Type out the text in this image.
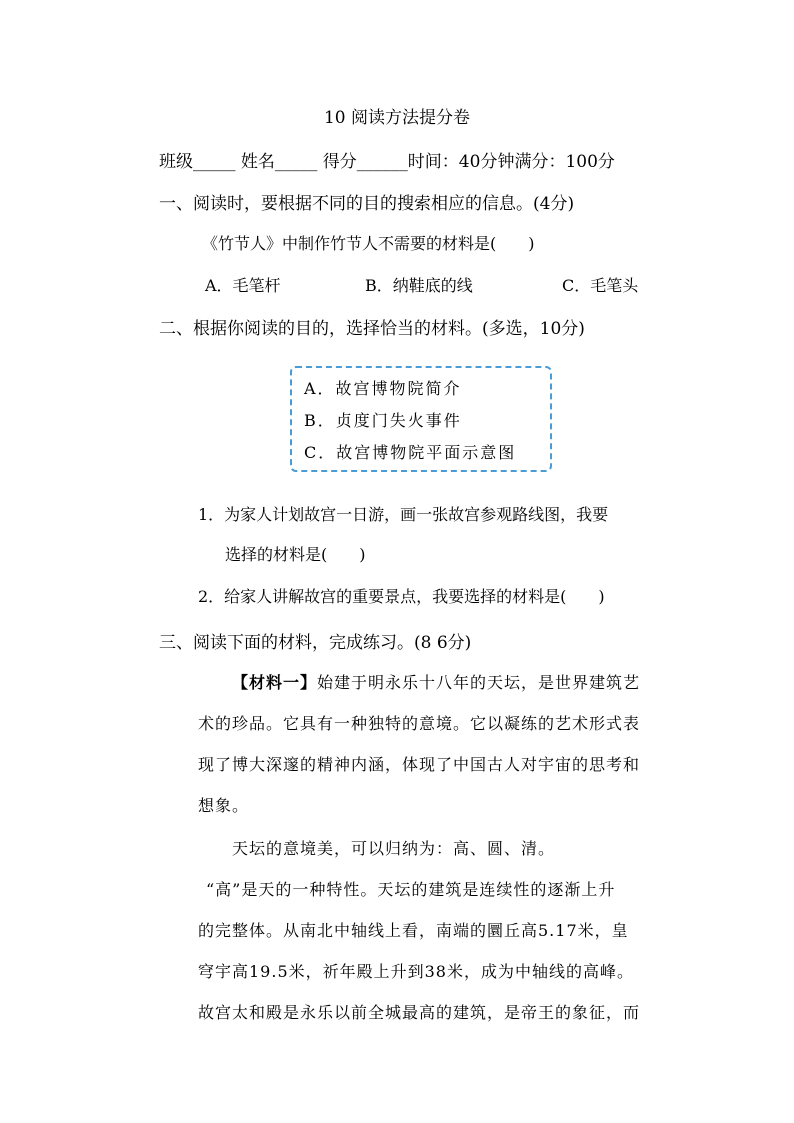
10 阅读方法提分卷
班级_____ 姓名_____ 得分______时间：40分钟满分：100分
一、阅读时，要根据不同的目的搜索相应的信息。(4分)
《竹节人》中制作竹节人不需要的材料是(　　)
A．毛笔杆	B．纳鞋底的线	C．毛笔头
二、根据你阅读的目的，选择恰当的材料。(多选，10分)
A．故宫博物院简介
B．贞度门失火事件
C．故宫博物院平面示意图
1．为家人计划故宫一日游，画一张故宫参观路线图，我要
选择的材料是(　　)
2．给家人讲解故宫的重要景点，我要选择的材料是(　　)
三、阅读下面的材料，完成练习。(8 6分)
【材料一】始建于明永乐十八年的天坛，是世界建筑艺
术的珍品。它具有一种独特的意境。它以凝练的艺术形式表
现了博大深邃的精神内涵，体现了中国古人对宇宙的思考和
想象。
天坛的意境美，可以归纳为：高、圆、清。
“高”是天的一种特性。天坛的建筑是连续性的逐渐上升
的完整体。从南北中轴线上看，南端的圜丘高5.17米，皇
穹宇高19.5米，祈年殿上升到38米，成为中轴线的高峰。
故宫太和殿是永乐以前全城最高的建筑，是帝王的象征，而
